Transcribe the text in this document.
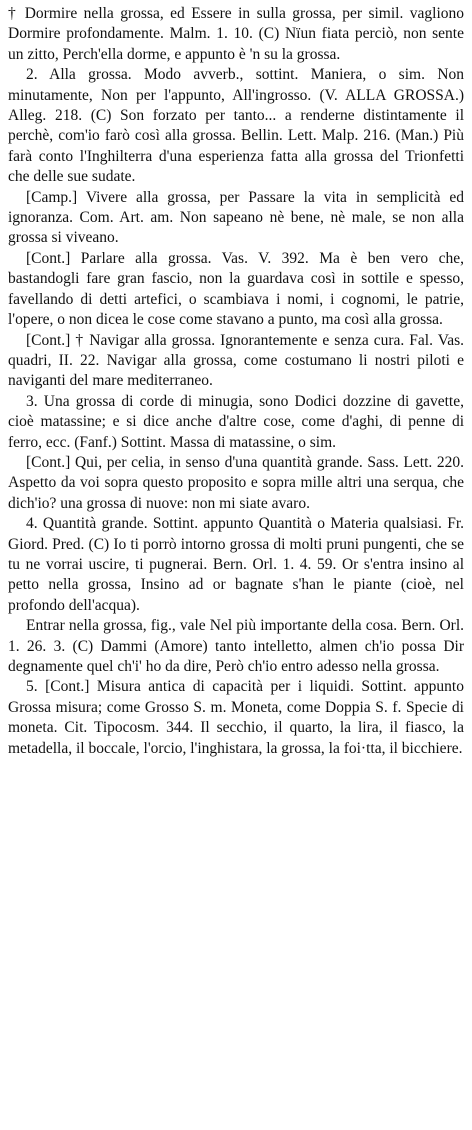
† Dormire nella grossa, ed Essere in sulla grossa, per simil. vagliono Dormire profondamente. Malm. 1. 10. (C) Nïun fiata perciò, non sente un zitto, Perch'ella dorme, e appunto è 'n su la grossa.

2. Alla grossa. Modo avverb., sottint. Maniera, o sim. Non minutamente, Non per l'appunto, All'ingrosso. (V. ALLA GROSSA.) Alleg. 218. (C) Son forzato per tanto... a renderne distintamente il perchè, com'io farò così alla grossa. Bellin. Lett. Malp. 216. (Man.) Più farà conto l'Inghilterra d'una esperienza fatta alla grossa del Trionfetti che delle sue sudate.

[Camp.] Vivere alla grossa, per Passare la vita in semplicità ed ignoranza. Com. Art. am. Non sapeano nè bene, nè male, se non alla grossa si viveano.

[Cont.] Parlare alla grossa. Vas. V. 392. Ma è ben vero che, bastandogli fare gran fascio, non la guardava così in sottile e spesso, favellando di detti artefici, o scambiava i nomi, i cognomi, le patrie, l'opere, o non dicea le cose come stavano a punto, ma così alla grossa.

[Cont.] † Navigar alla grossa. Ignorantemente e senza cura. Fal. Vas. quadri, II. 22. Navigar alla grossa, come costumano li nostri piloti e naviganti del mare mediterraneo.

3. Una grossa di corde di minugia, sono Dodici dozzine di gavette, cioè matassine; e si dice anche d'altre cose, come d'aghi, di penne di ferro, ecc. (Fanf.) Sottint. Massa di matassine, o sim.

[Cont.] Qui, per celia, in senso d'una quantità grande. Sass. Lett. 220. Aspetto da voi sopra questo proposito e sopra mille altri una serqua, che dich'io? una grossa di nuove: non mi siate avaro.

4. Quantità grande. Sottint. appunto Quantità o Materia qualsiasi. Fr. Giord. Pred. (C) Io ti porrò intorno grossa di molti pruni pungenti, che se tu ne vorrai uscire, ti pugnerai. Bern. Orl. 1. 4. 59. Or s'entra insino al petto nella grossa, Insino ad or bagnate s'han le piante (cioè, nel profondo dell'acqua).

Entrar nella grossa, fig., vale Nel più importante della cosa. Bern. Orl. 1. 26. 3. (C) Dammi (Amore) tanto intelletto, almen ch'io possa Dir degnamente quel ch'i' ho da dire, Però ch'io entro adesso nella grossa.

5. [Cont.] Misura antica di capacità per i liquidi. Sottint. appunto Grossa misura; come Grosso S. m. Moneta, come Doppia S. f. Specie di moneta. Cit. Tipocosm. 344. Il secchio, il quarto, la lira, il fiasco, la metadella, il boccale, l'orcio, l'inghistara, la grossa, la foi·tta, il bicchiere.
